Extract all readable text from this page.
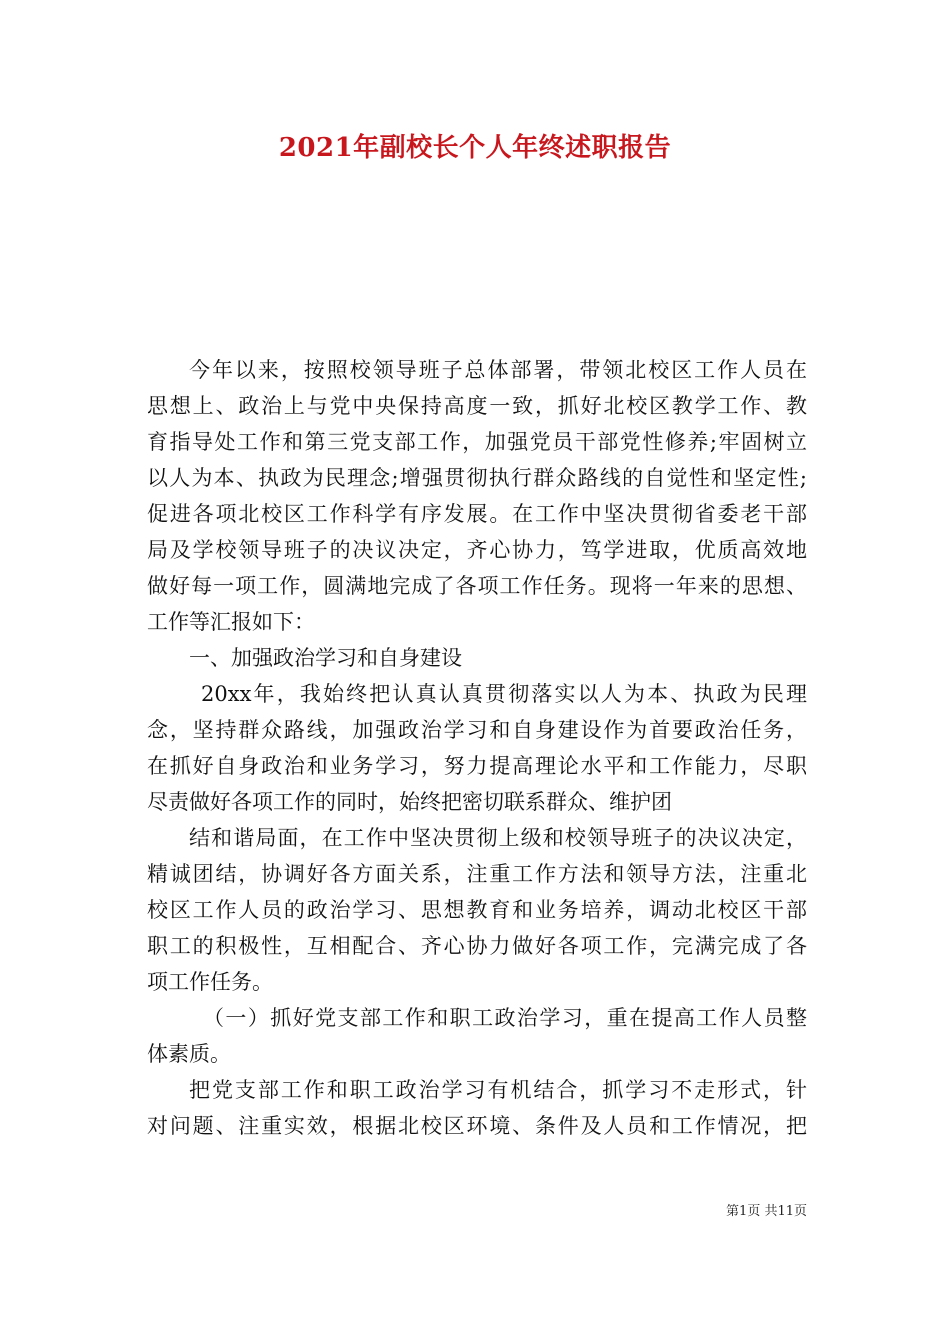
2021年副校长个人年终述职报告
今年以来，按照校领导班子总体部署，带领北校区工作人员在
思想上、政治上与党中央保持高度一致，抓好北校区教学工作、教
育指导处工作和第三党支部工作，加强党员干部党性修养;牢固树立
以人为本、执政为民理念;增强贯彻执行群众路线的自觉性和坚定性;
促进各项北校区工作科学有序发展。在工作中坚决贯彻省委老干部
局及学校领导班子的决议决定，齐心协力，笃学进取，优质高效地
做好每一项工作，圆满地完成了各项工作任务。现将一年来的思想、
工作等汇报如下：
一、加强政治学习和自身建设
20xx年，我始终把认真认真贯彻落实以人为本、执政为民理
念，坚持群众路线，加强政治学习和自身建设作为首要政治任务，
在抓好自身政治和业务学习，努力提高理论水平和工作能力，尽职
尽责做好各项工作的同时，始终把密切联系群众、维护团
结和谐局面，在工作中坚决贯彻上级和校领导班子的决议决定，
精诚团结，协调好各方面关系，注重工作方法和领导方法，注重北
校区工作人员的政治学习、思想教育和业务培养，调动北校区干部
职工的积极性，互相配合、齐心协力做好各项工作，完满完成了各
项工作任务。
（一）抓好党支部工作和职工政治学习，重在提高工作人员整
体素质。
把党支部工作和职工政治学习有机结合，抓学习不走形式，针
对问题、注重实效，根据北校区环境、条件及人员和工作情况，把
第1页 共11页
